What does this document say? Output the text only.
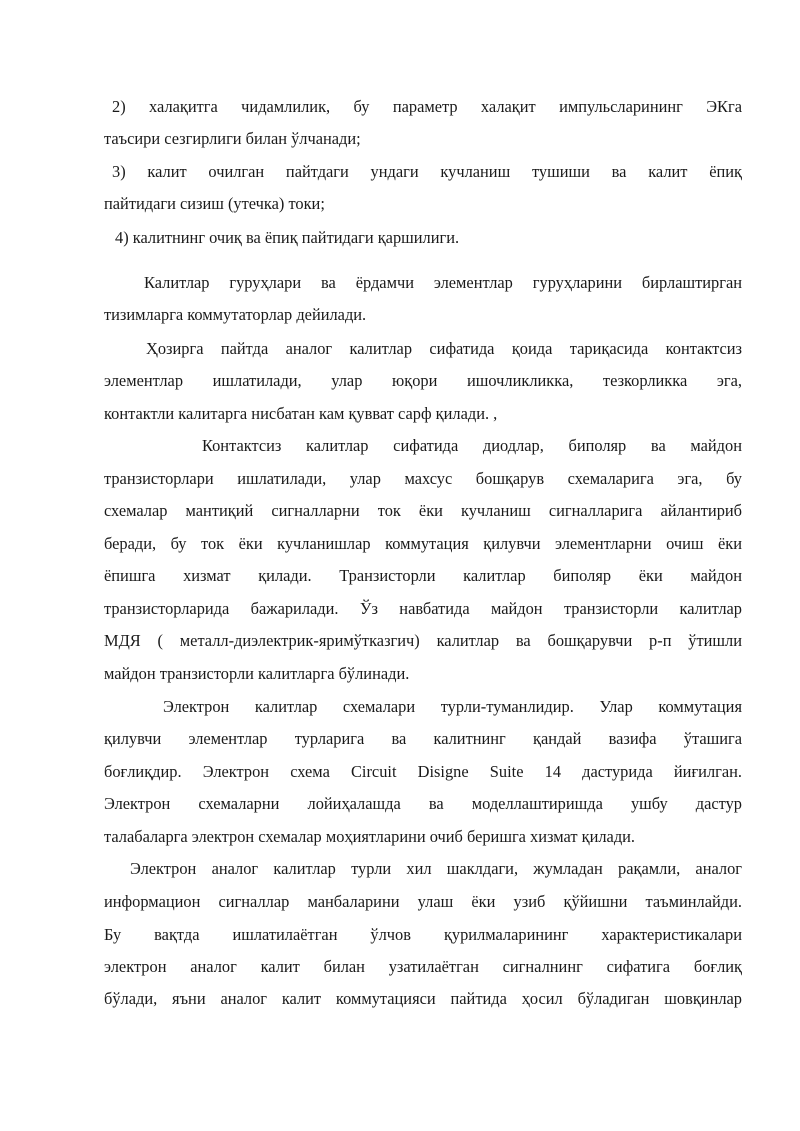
2) халақитга чидамлилик, бу параметр халақит импульсларининг ЭКга
таъсири сезгирлиги билан ўлчанади;
3) калит очилган пайтдаги ундаги кучланиш тушиши ва калит ёпиқ
пайтидаги сизиш (утечка) токи;
4) калитнинг очиқ ва ёпиқ пайтидаги қаршилиги.
Калитлар гуруҳлари ва ёрдамчи элементлар гуруҳларини бирлаштирган
тизимларга коммутаторлар дейилади.
Ҳозирга пайтда аналог калитлар сифатида қоида тариқасида контактсиз
элементлар ишлатилади, улар юқори ишочликликка, тезкорликка эга,
контактли калитарга нисбатан кам қувват сарф қилади. ,
Контактсиз калитлар сифатида диодлар, биполяр ва майдон
транзисторлари ишлатилади, улар махсус бошқарув схемаларига эга, бу
схемалар мантиқий сигналларни ток ёки кучланиш сигналларига айлантириб
беради, бу ток ёки кучланишлар коммутация қилувчи элементларни очиш ёки
ёпишга хизмат қилади. Транзисторли калитлар биполяр ёки майдон
транзисторларида бажарилади. Ўз навбатида майдон транзисторли калитлар
МДЯ ( металл-диэлектрик-яримўтказгич) калитлар ва бошқарувчи p-п ўтишли
майдон транзисторли калитларга бўлинади.
Электрон калитлар схемалари турли-туманлидир. Улар коммутация
қилувчи элементлар турларига ва калитнинг қандай вазифа ўташига
боғлиқдир. Электрон схема Circuit Disigne Suite 14 дастурида йиғилган.
Электрон схемаларни лойиҳалашда ва моделлаштиришда ушбу дастур
талабаларга электрон схемалар моҳиятларини очиб беришга хизмат қилади.
Электрон аналог калитлар турли хил шаклдаги, жумладан рақамли, аналог
информацион сигналлар манбаларини улаш ёки узиб қўйишни таъминлайди.
Бу вақтда ишлатилаётган ўлчов қурилмаларининг характеристикалари
электрон аналог калит билан узатилаётган сигналнинг сифатига боғлиқ
бўлади, яъни аналог калит коммутацияси пайтида ҳосил бўладиган шовқинлар
